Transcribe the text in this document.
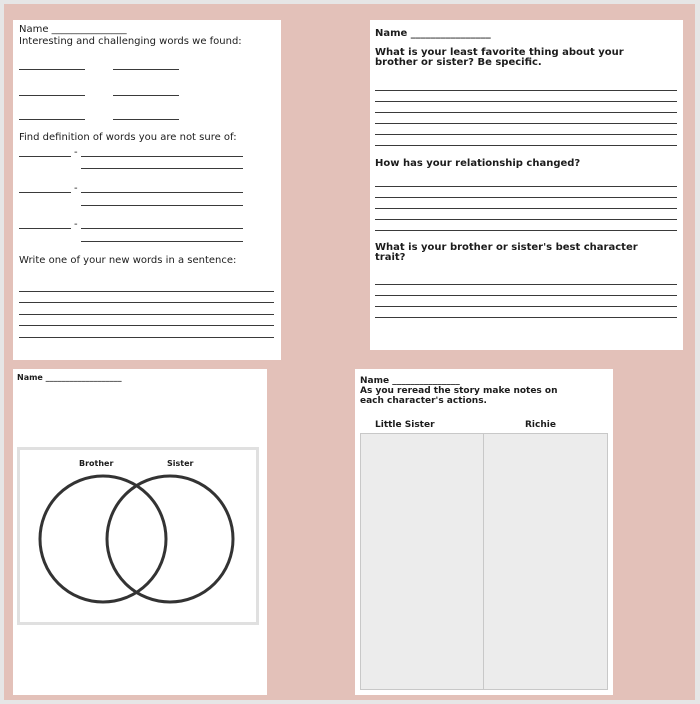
Name _______________
Interesting and challenging words we found:
Find definition of words you are not sure of:
-
-
-
Write one of your new words in a sentence:
Name ________________
What is your least favorite thing about your brother or sister? Be specific.
How has your relationship changed?
What is your brother or sister's best character trait?
Name ___________________
Brother	Sister
Name _______________
As you reread the story make notes on each character's actions.
Little Sister	Richie
